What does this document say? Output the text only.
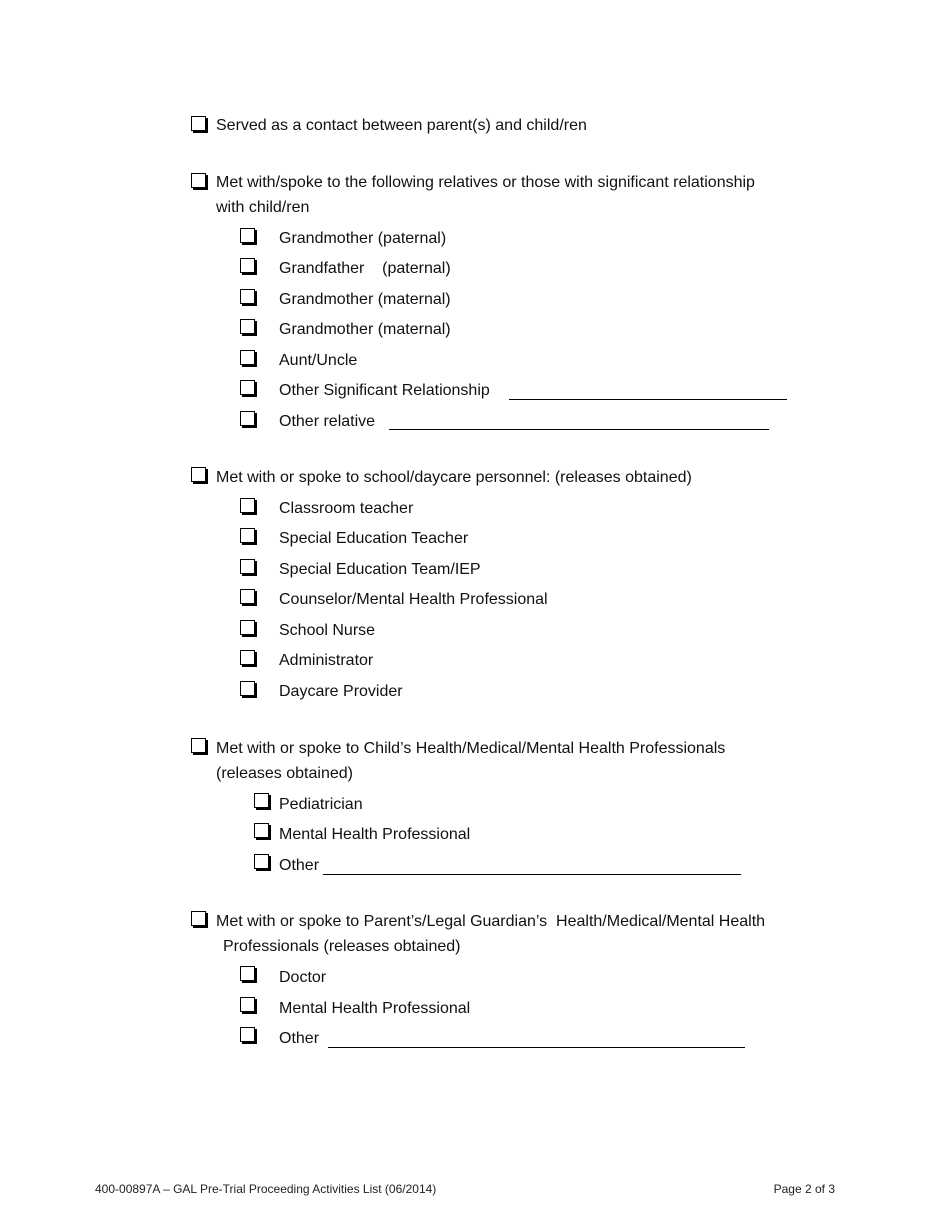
Served as a contact between parent(s) and child/ren
Met with/spoke to the following relatives or those with significant relationship
with child/ren
Grandmother (paternal)
Grandfather    (paternal)
Grandmother (maternal)
Grandmother (maternal)
Aunt/Uncle
Other Significant Relationship
Other relative
Met with or spoke to school/daycare personnel: (releases obtained)
Classroom teacher
Special Education Teacher
Special Education Team/IEP
Counselor/Mental Health Professional
School Nurse
Administrator
Daycare Provider
Met with or spoke to Child’s Health/Medical/Mental Health Professionals
(releases obtained)
Pediatrician
Mental Health Professional
Other
Met with or spoke to Parent’s/Legal Guardian’s  Health/Medical/Mental Health
Professionals (releases obtained)
Doctor
Mental Health Professional
Other
400-00897A – GAL Pre-Trial Proceeding Activities List (06/2014)	Page 2 of 3
